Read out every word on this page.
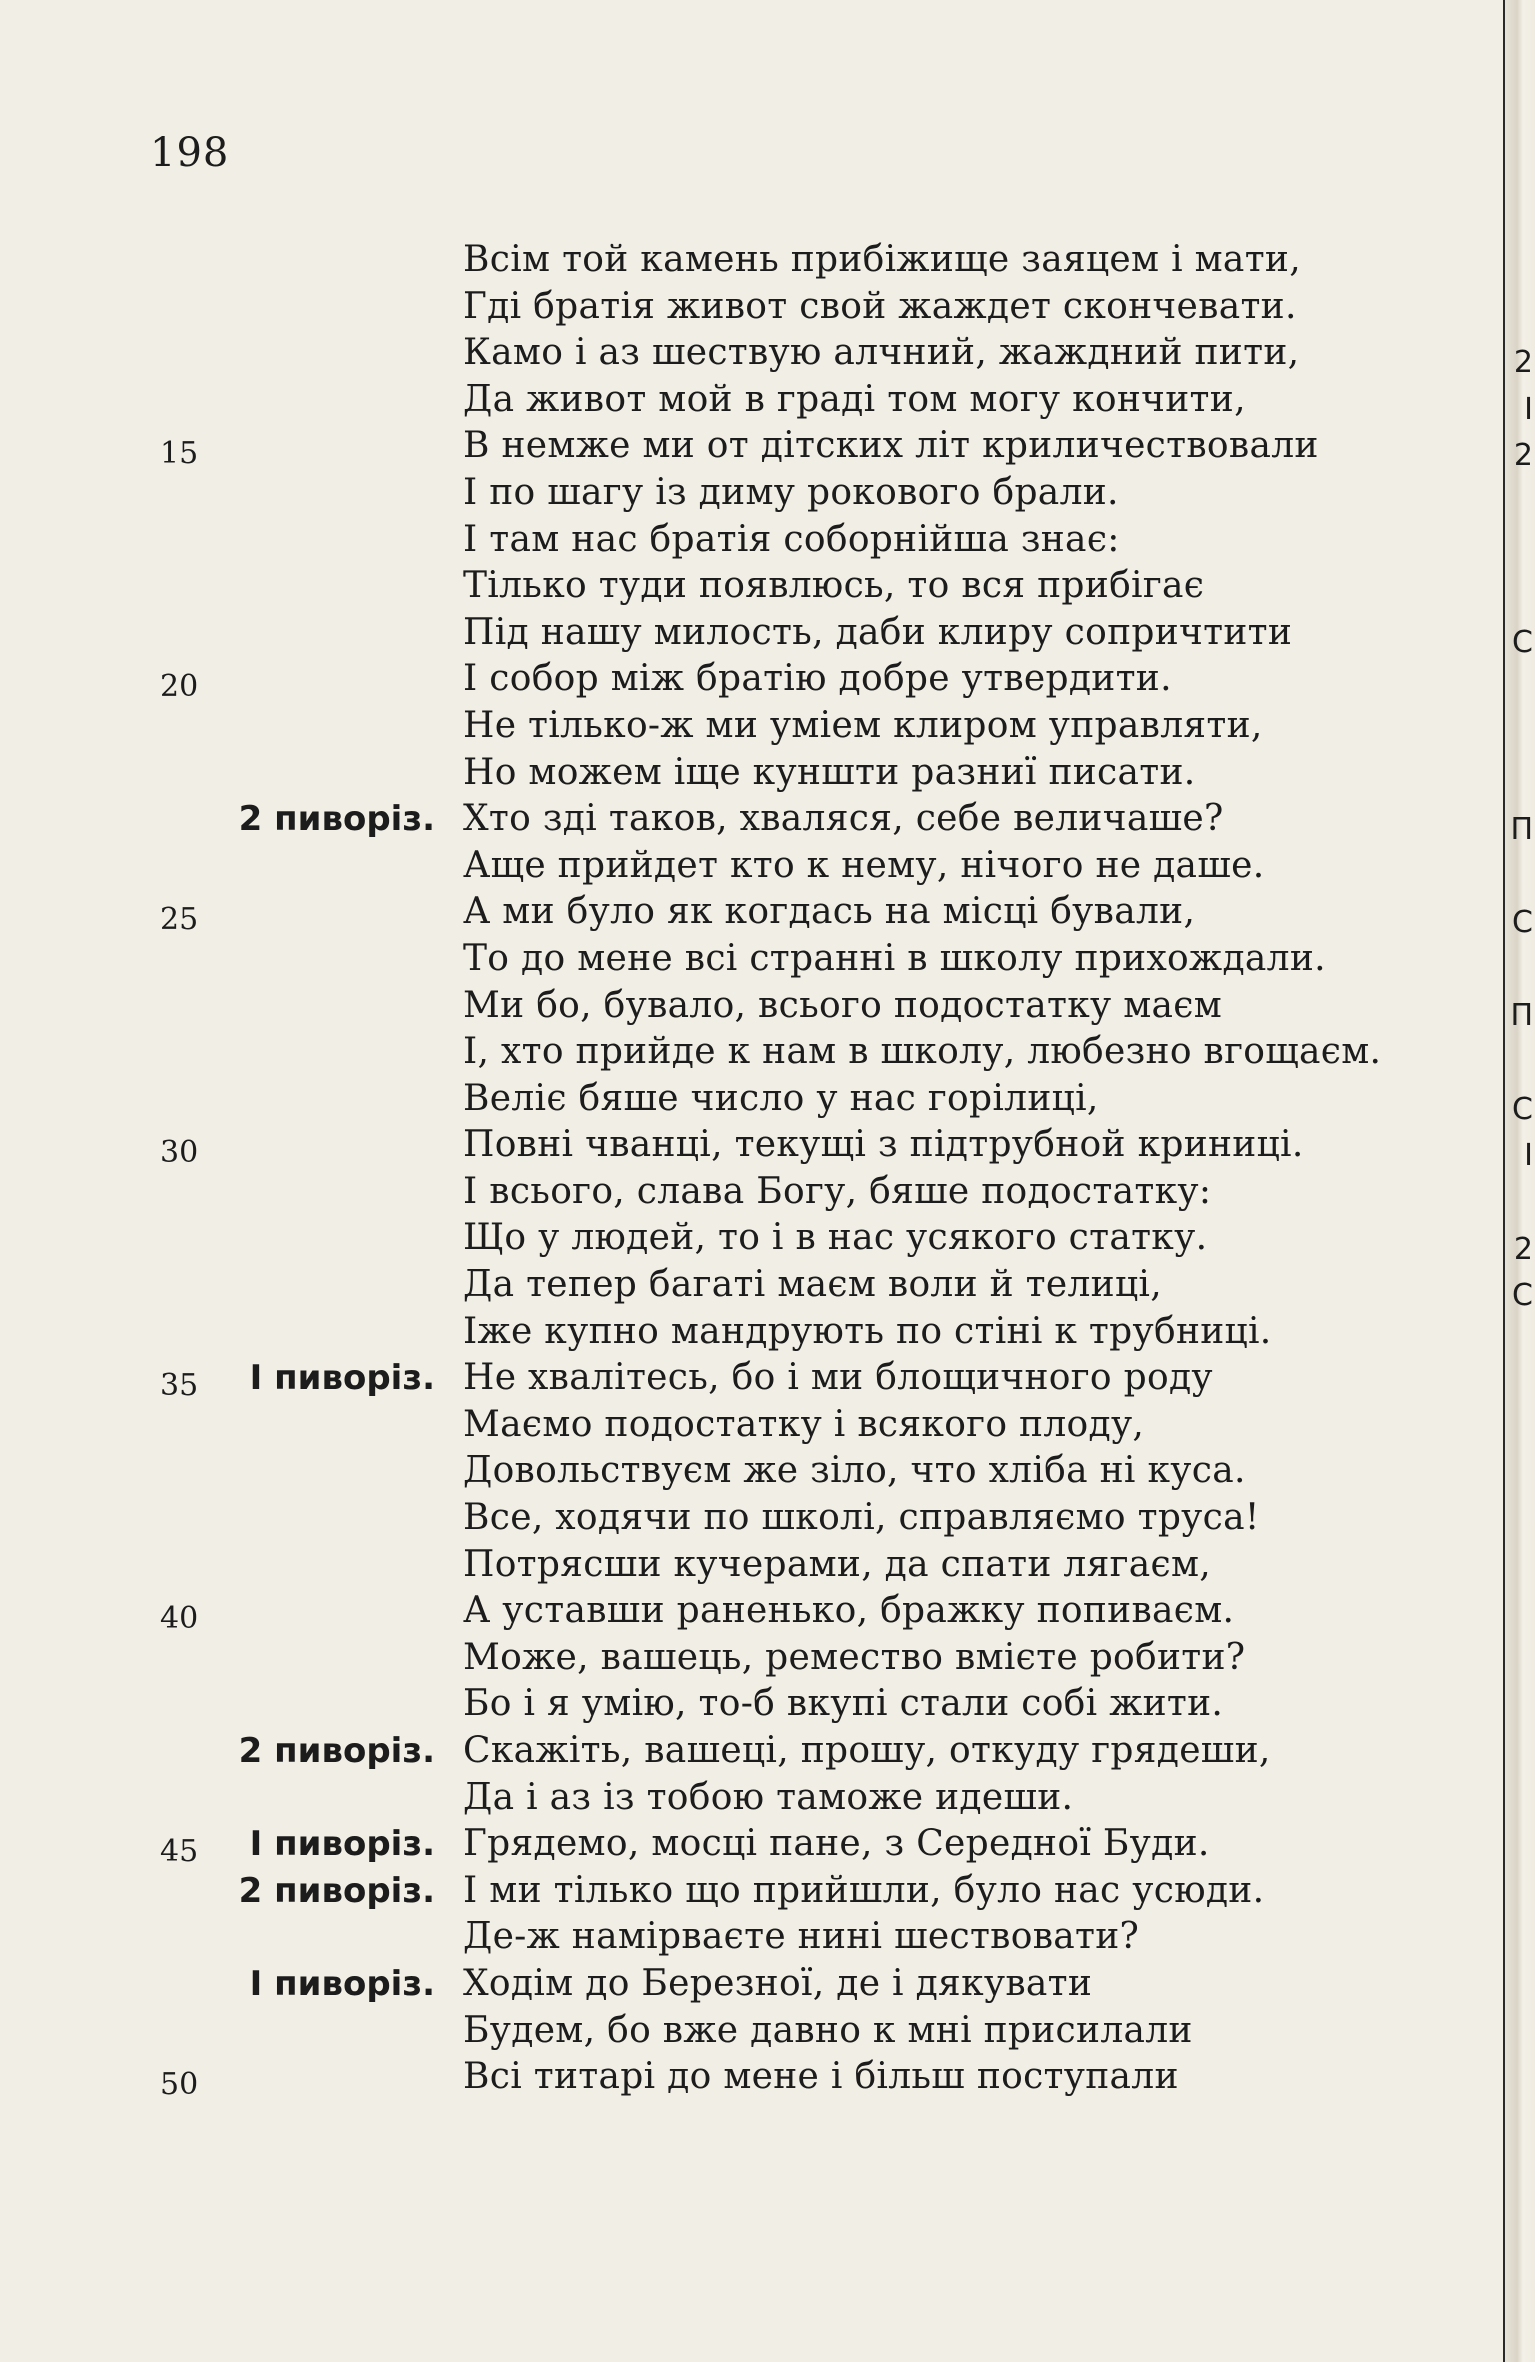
2
І
2
С
П
С
П
С
І
2
С
198
Всім той камень прибіжище заяцем і мати,
Гді братія живот свой жаждет скончевати.
Камо і аз шествую алчний, жаждний пити,
Да живот мой в граді том могу кончити,
15	В немже ми от дітских літ криличествовали
І по шагу із диму рокового брали.
І там нас братія соборнійша знає:
Тілько туди появлюсь, то вся прибігає
Під нашу милость, даби клиру сопричтити
20	І собор між братію добре утвердити.
Не тілько-ж ми уміем клиром управляти,
Но можем іще куншти разниї писати.
2 пиворіз. Хто зді таков, хваляся, себе величаше?
Аще прийдет кто к нему, нічого не даше.
25	А ми було як когдась на місці бували,
То до мене всі странні в школу прихождали.
Ми бо, бувало, всього подостатку маєм
І, хто прийде к нам в школу, любезно вгощаєм.
Веліє бяше число у нас горілиці,
30	Повні чванці, текущі з підтрубной криниці.
І всього, слава Богу, бяше подостатку:
Що у людей, то і в нас усякого статку.
Да тепер багаті маєм воли й телиці,
Іже купно мандрують по стіні к трубниці.
35	I пиворіз. Не хвалітесь, бо і ми блощичного роду
Маємо подостатку і всякого плоду,
Довольствуєм же зіло, что хліба ні куса.
Все, ходячи по школі, справляємо труса!
Потрясши кучерами, да спати лягаєм,
40	А уставши раненько, бражку попиваєм.
Може, вашець, ремество вмієте робити?
Бо і я умію, то-б вкупі стали собі жити.
2 пиворіз. Скажіть, вашеці, прошу, откуду грядеши,
Да і аз із тобою таможе идеши.
45	I пиворіз. Грядемо, мосці пане, з Середної Буди.
2 пиворіз. І ми тілько що прийшли, було нас усюди.
Де-ж намірваєте нині шествовати?
I пиворіз. Ходім до Березної, де і дякувати
Будем, бо вже давно к мні присилали
50	Всі титарі до мене і більш поступали
